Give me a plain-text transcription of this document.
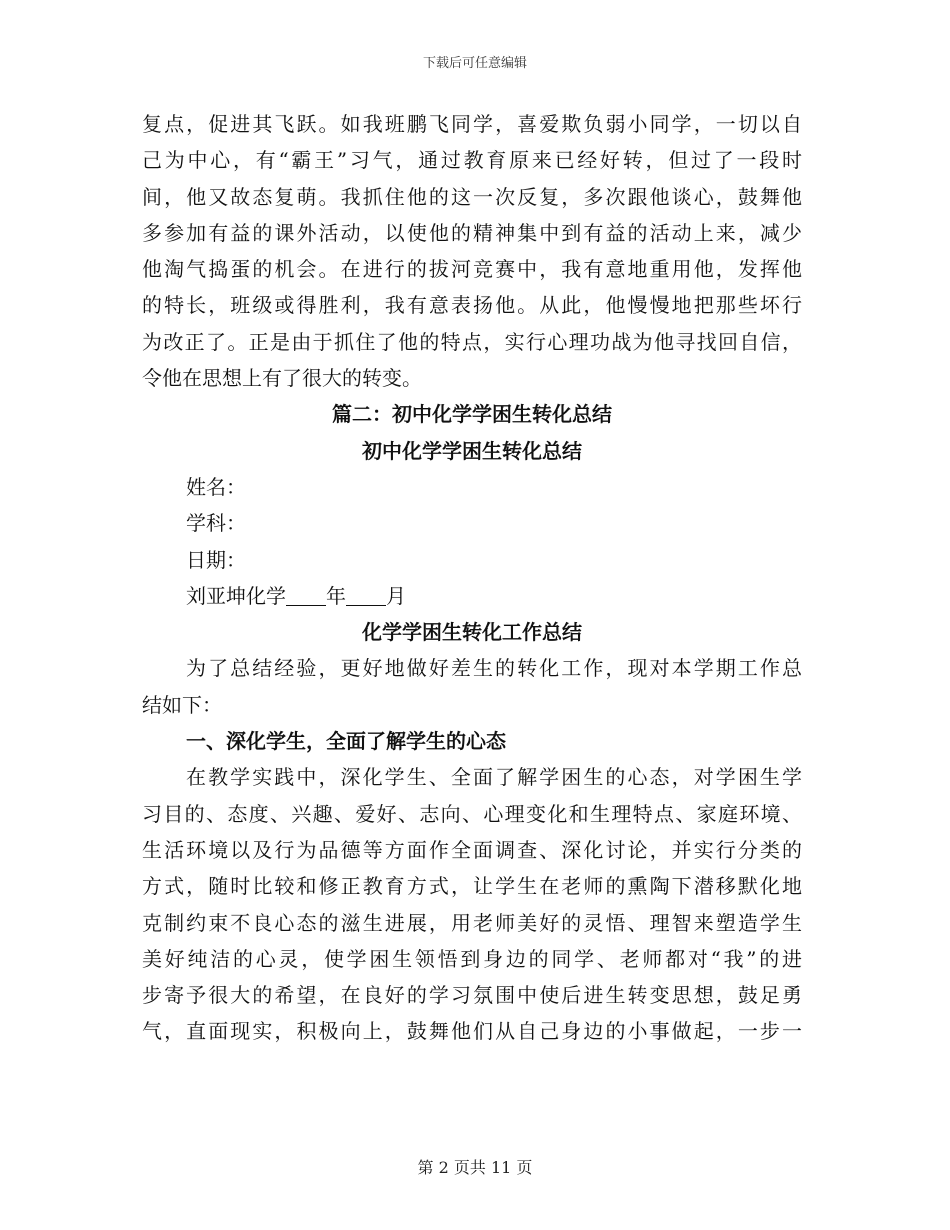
下载后可任意编辑
复点，促进其飞跃。如我班鹏飞同学，喜爱欺负弱小同学，一切以自
己为中心，有“霸王”习气，通过教育原来已经好转，但过了一段时
间，他又故态复萌。我抓住他的这一次反复，多次跟他谈心，鼓舞他
多参加有益的课外活动，以使他的精神集中到有益的活动上来，减少
他淘气捣蛋的机会。在进行的拔河竞赛中，我有意地重用他，发挥他
的特长，班级或得胜利，我有意表扬他。从此，他慢慢地把那些坏行
为改正了。正是由于抓住了他的特点，实行心理功战为他寻找回自信，
令他在思想上有了很大的转变。
篇二：初中化学学困生转化总结
初中化学学困生转化总结
姓名：
学科：
日期：
刘亚坤化学 年 月
化学学困生转化工作总结
为了总结经验，更好地做好差生的转化工作，现对本学期工作总
结如下：
一、深化学生，全面了解学生的心态
在教学实践中，深化学生、全面了解学困生的心态，对学困生学
习目的、态度、兴趣、爱好、志向、心理变化和生理特点、家庭环境、
生活环境以及行为品德等方面作全面调查、深化讨论，并实行分类的
方式，随时比较和修正教育方式，让学生在老师的熏陶下潜移默化地
克制约束不良心态的滋生进展，用老师美好的灵悟、理智来塑造学生
美好纯洁的心灵，使学困生领悟到身边的同学、老师都对“我”的进
步寄予很大的希望，在良好的学习氛围中使后进生转变思想，鼓足勇
气，直面现实，积极向上，鼓舞他们从自己身边的小事做起，一步一
第 2 页共 11 页
